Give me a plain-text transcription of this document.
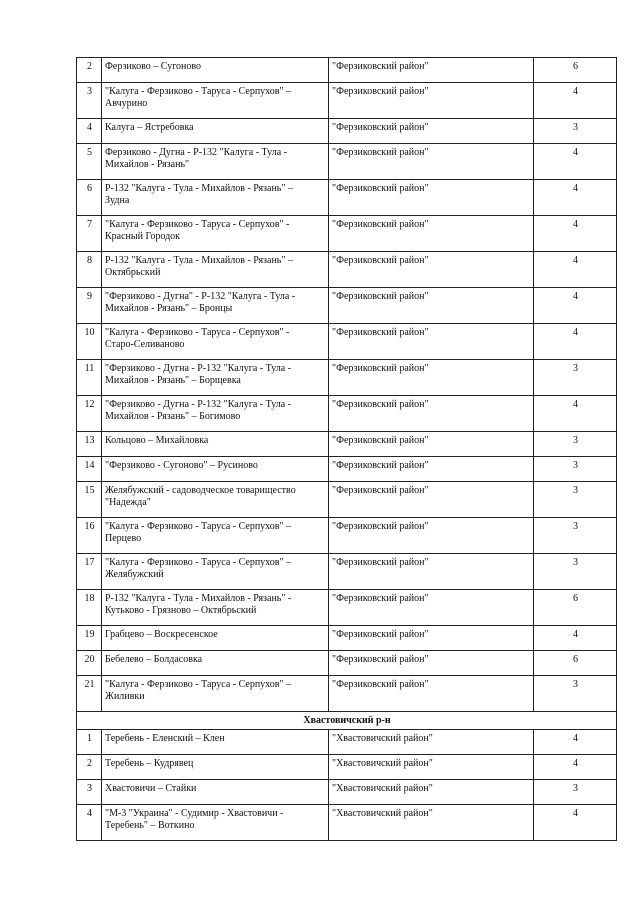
2	Ферзиково – Сугоново	"Ферзиковский район"	6
3	"Калуга - Ферзиково - Таруса - Серпухов" –
Авчурино	"Ферзиковский район"	4
4	Калуга – Ястребовка	"Ферзиковский район"	3
5	Ферзиково - Дугна - Р-132 "Калуга - Тула -
Михайлов - Рязань"	"Ферзиковский район"	4
6	Р-132 "Калуга - Тула - Михайлов - Рязань" –
Зудна	"Ферзиковский район"	4
7	"Калуга - Ферзиково - Таруса - Серпухов" -
Красный Городок	"Ферзиковский район"	4
8	Р-132 "Калуга - Тула - Михайлов - Рязань" –
Октябрьский	"Ферзиковский район"	4
9	"Ферзиково - Дугна" - Р-132 "Калуга - Тула -
Михайлов - Рязань" – Бронцы	"Ферзиковский район"	4
10	"Калуга - Ферзиково - Таруса - Серпухов" -
Старо-Селиваново	"Ферзиковский район"	4
11	"Ферзиково - Дугна - Р-132 "Калуга - Тула -
Михайлов - Рязань" – Борщевка	"Ферзиковский район"	3
12	"Ферзиково - Дугна - Р-132 "Калуга - Тула -
Михайлов - Рязань" – Богимово	"Ферзиковский район"	4
13	Кольцово – Михайловка	"Ферзиковский район"	3
14	"Ферзиково - Сугоново" – Русиново	"Ферзиковский район"	3
15	Желябужский - садоводческое товарищество
"Надежда"	"Ферзиковский район"	3
16	"Калуга - Ферзиково - Таруса - Серпухов" –
Перцево	"Ферзиковский район"	3
17	"Калуга - Ферзиково - Таруса - Серпухов" –
Желябужский	"Ферзиковский район"	3
18	Р-132 "Калуга - Тула - Михайлов - Рязань" -
Кутьково - Грязново – Октябрьский	"Ферзиковский район"	6
19	Грабцево – Воскресенское	"Ферзиковский район"	4
20	Бебелево – Болдасовка	"Ферзиковский район"	6
21	"Калуга - Ферзиково - Таруса - Серпухов" –
Жиливки	"Ферзиковский район"	3
Хвастовичский р-н			
1	Теребень - Еленский – Клен	"Хвастовичский район"	4
2	Теребень – Кудрявец	"Хвастовичский район"	4
3	Хвастовичи – Стайки	"Хвастовичский район"	3
4	"М-3 "Украина" - Судимир - Хвастовичи -
Теребень" – Воткино	"Хвастовичский район"	4
